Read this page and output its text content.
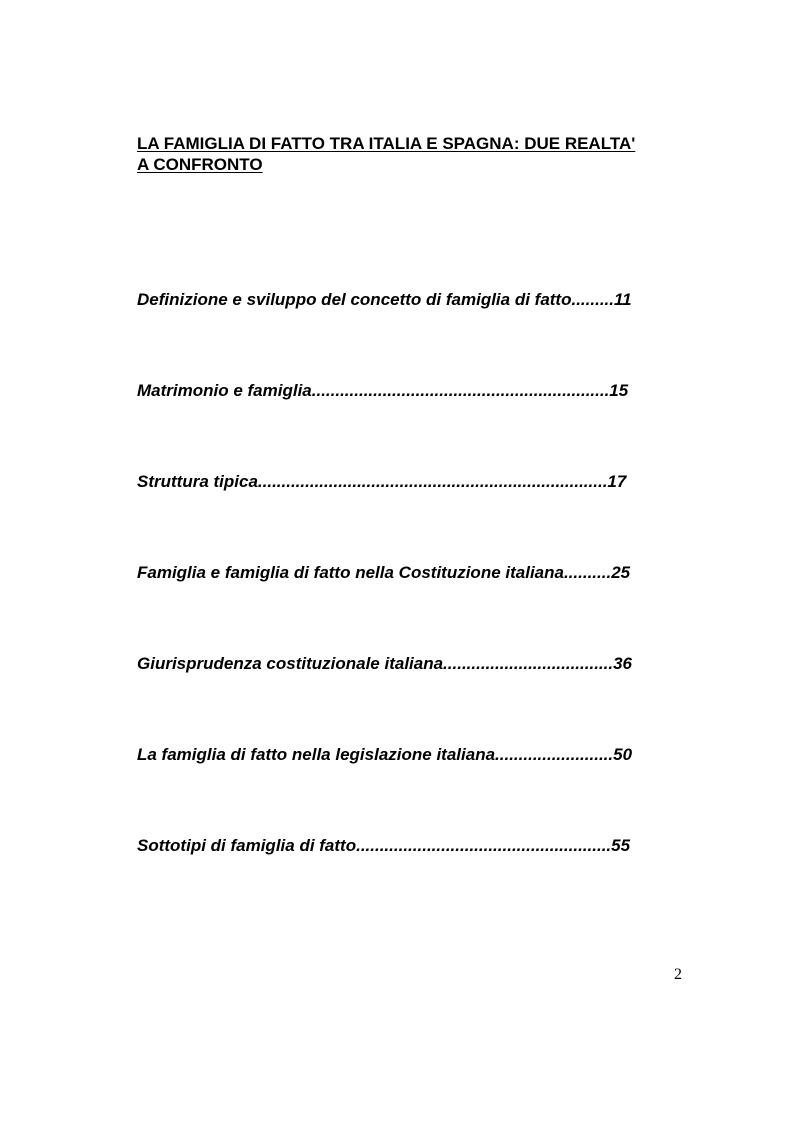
LA FAMIGLIA DI FATTO TRA ITALIA E SPAGNA: DUE REALTA'
A CONFRONTO
Definizione e sviluppo del concetto di famiglia di fatto.........11
Matrimonio e famiglia...............................................................15
Struttura tipica..........................................................................17
Famiglia e famiglia di fatto nella Costituzione italiana..........25
Giurisprudenza costituzionale italiana....................................36
La famiglia di fatto nella legislazione italiana.........................50
Sottotipi di famiglia di fatto......................................................55
2
